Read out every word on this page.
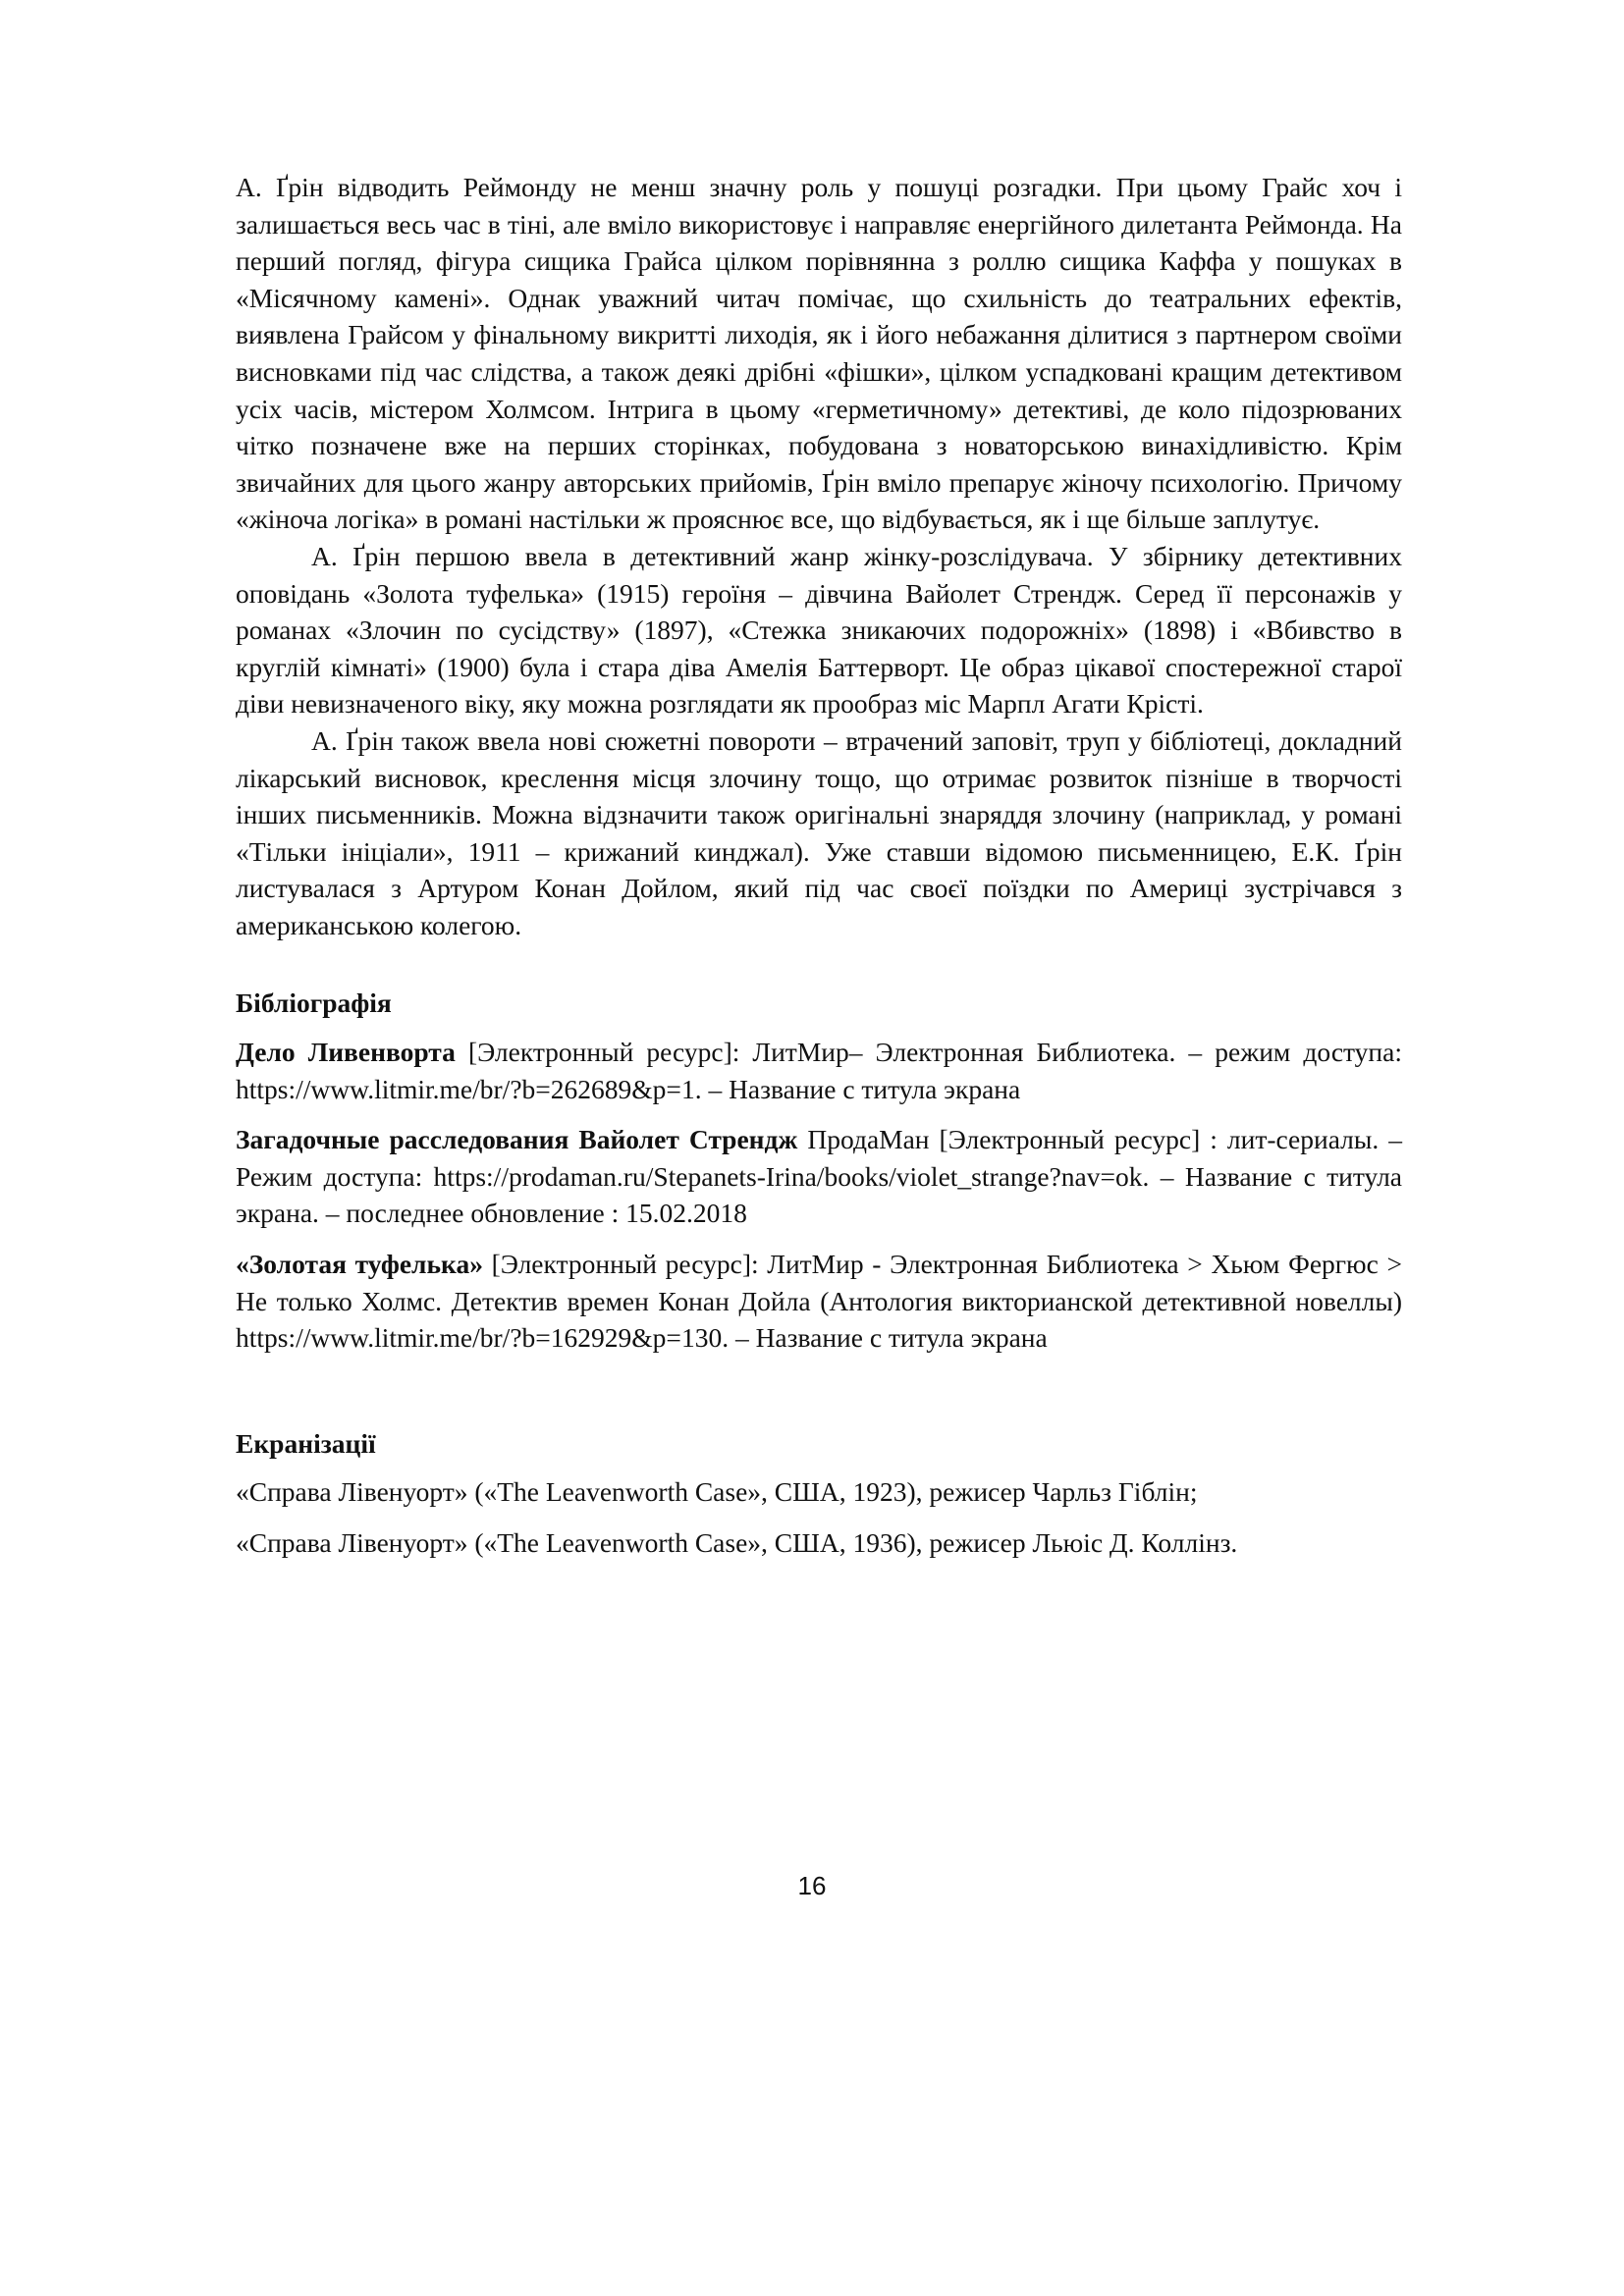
А. Ґрін відводить Реймонду не менш значну роль у пошуці розгадки. При цьому Грайс хоч і залишається весь час в тіні, але вміло використовує і направляє енергійного дилетанта Реймонда. На перший погляд, фігура сищика Грайса цілком порівнянна з роллю сищика Каффа у пошуках в «Місячному камені». Однак уважний читач помічає, що схильність до театральних ефектів, виявлена Грайсом у фінальному викритті лиходія, як і його небажання ділитися з партнером своїми висновками під час слідства, а також деякі дрібні «фішки», цілком успадковані кращим детективом усіх часів, містером Холмсом. Інтрига в цьому «герметичному» детективі, де коло підозрюваних чітко позначене вже на перших сторінках, побудована з новаторською винахідливістю. Крім звичайних для цього жанру авторських прийомів, Ґрін вміло препарує жіночу психологію. Причому «жіноча логіка» в романі настільки ж прояснює все, що відбувається, як і ще більше заплутує.

А. Ґрін першою ввела в детективний жанр жінку-розслідувача. У збірнику детективних оповідань «Золота туфелька» (1915) героїня – дівчина Вайолет Стрендж. Серед її персонажів у романах «Злочин по сусідству» (1897), «Стежка зникаючих подорожніх» (1898) і «Вбивство в круглій кімнаті» (1900) була і стара діва Амелія Баттерворт. Це образ цікавої спостережної старої діви невизначеного віку, яку можна розглядати як прообраз міс Марпл Агати Крісті.

А. Ґрін також ввела нові сюжетні повороти – втрачений заповіт, труп у бібліотеці, докладний лікарський висновок, креслення місця злочину тощо, що отримає розвиток пізніше в творчості інших письменників. Можна відзначити також оригінальні знаряддя злочину (наприклад, у романі «Тільки ініціали», 1911 – крижаний кинджал). Уже ставши відомою письменницею, Е.К. Ґрін листувалася з Артуром Конан Дойлом, який під час своєї поїздки по Америці зустрічався з американською колегою.

Бібліографія

Дело Ливенворта [Электронный ресурс]: ЛитМир– Электронная Библиотека. – режим доступа: https://www.litmir.me/br/?b=262689&p=1. – Название с титула экрана

Загадочные расследования Вайолет Стрендж ПродаМан [Электронный ресурс] : лит-сериалы. – Режим доступа: https://prodaman.ru/Stepanets-Irina/books/violet_strange?nav=ok. – Название с титула экрана. – последнее обновление : 15.02.2018

«Золотая туфелька» [Электронный ресурс]: ЛитМир - Электронная Библиотека > Хьюм Фергюс > Не только Холмс. Детектив времен Конан Дойла (Антология викторианской детективной новеллы) https://www.litmir.me/br/?b=162929&p=130. – Название с титула экрана

Екранізації

«Справа Лівенуорт» («The Leavenworth Case», США, 1923), режисер Чарльз Гіблін;

«Справа Лівенуорт» («The Leavenworth Case», США, 1936), режисер Льюіс Д. Коллінз.

16
